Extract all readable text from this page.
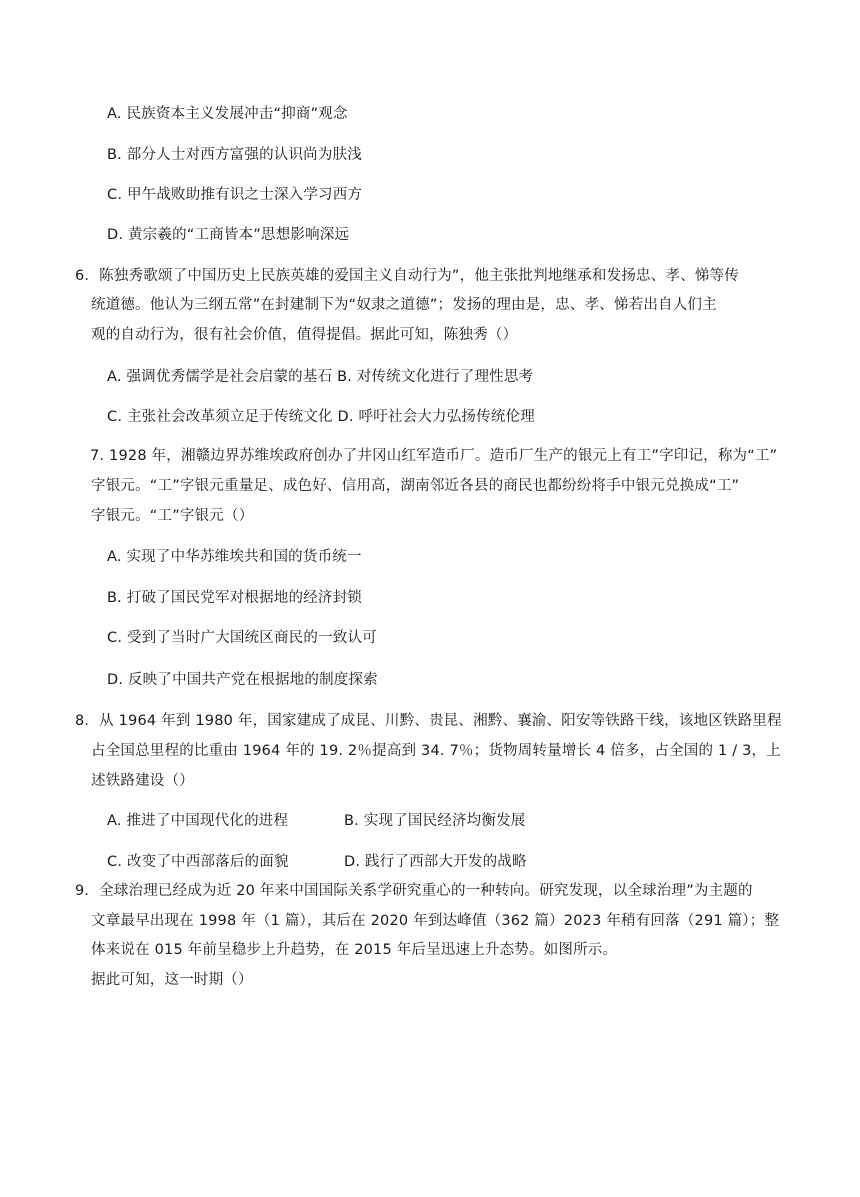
A. 民族资本主义发展冲击“抑商”观念
B. 部分人士对西方富强的认识尚为肤浅
C. 甲午战败助推有识之士深入学习西方
D. 黄宗羲的“工商皆本”思想影响深远
6．陈独秀歌颂了中国历史上民族英雄的爱国主义自动行为”，他主张批判地继承和发扬忠、孝、悌等传
统道德。他认为三纲五常”在封建制下为“奴隶之道德”；发扬的理由是，忠、孝、悌若出自人们主
观的自动行为，很有社会价值，值得提倡。据此可知，陈独秀（）
A. 强调优秀儒学是社会启蒙的基石 B. 对传统文化进行了理性思考
C. 主张社会改革须立足于传统文化 D. 呼吁社会大力弘扬传统伦理
7. 1928 年，湘赣边界苏维埃政府创办了井冈山红军造币厂。造币厂生产的银元上有工”字印记，称为“工”
字银元。“工”字银元重量足、成色好、信用高，湖南邻近各县的商民也都纷纷将手中银元兑换成“工”
字银元。“工”字银元（）
A. 实现了中华苏维埃共和国的货币统一
B. 打破了国民党军对根据地的经济封锁
C. 受到了当时广大国统区商民的一致认可
D. 反映了中国共产党在根据地的制度探索
8．从 1964 年到 1980 年，国家建成了成昆、川黔、贵昆、湘黔、襄渝、阳安等铁路干线，该地区铁路里程
占全国总里程的比重由 1964 年的 19. 2％提高到 34. 7％；货物周转量增长 4 倍多，占全国的 1 / 3，上
述铁路建设（）
A. 推进了中国现代化的进程	B. 实现了国民经济均衡发展
C. 改变了中西部落后的面貌	D. 践行了西部大开发的战略
9．全球治理已经成为近 20 年来中国国际关系学研究重心的一种转向。研究发现，以全球治理”为主题的
文章最早出现在 1998 年（1 篇），其后在 2020 年到达峰值（362 篇）2023 年稍有回落（291 篇）；整
体来说在 015 年前呈稳步上升趋势，在 2015 年后呈迅速上升态势。如图所示。
据此可知，这一时期（）
